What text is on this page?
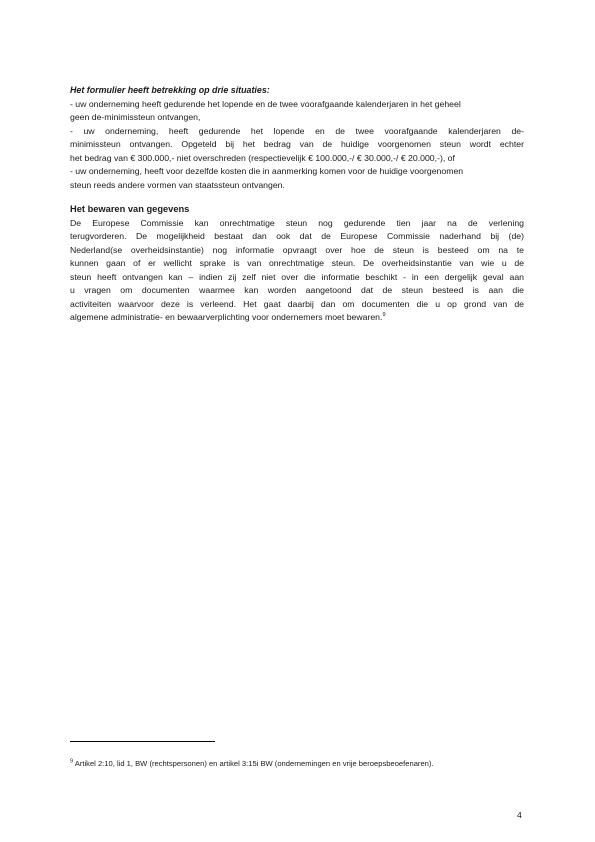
Het formulier heeft betrekking op drie situaties:

- uw onderneming heeft gedurende het lopende en de twee voorafgaande kalenderjaren in het geheel

geen de-minimissteun ontvangen,

- uw onderneming, heeft gedurende het lopende en de twee voorafgaande kalenderjaren de-

minimissteun ontvangen. Opgeteld bij het bedrag van de huidige voorgenomen steun wordt echter

het bedrag van € 300.000,- niet overschreden (respectievelijk € 100.000,-/ € 30.000,-/ € 20.000,-), of

- uw onderneming, heeft voor dezelfde kosten die in aanmerking komen voor de huidige voorgenomen

steun reeds andere vormen van staatssteun ontvangen.

Het bewaren van gegevens

De Europese Commissie kan onrechtmatige steun nog gedurende tien jaar na de verlening

terugvorderen. De mogelijkheid bestaat dan ook dat de Europese Commissie naderhand bij (de)

Nederland(se overheidsinstantie) nog informatie opvraagt over hoe de steun is besteed om na te

kunnen gaan of er wellicht sprake is van onrechtmatige steun. De overheidsinstantie van wie u de

steun heeft ontvangen kan – indien zij zelf niet over die informatie beschikt - in een dergelijk geval aan

u vragen om documenten waarmee kan worden aangetoond dat de steun besteed is aan die

activiteiten waarvoor deze is verleend. Het gaat daarbij dan om documenten die u op grond van de

algemene administratie- en bewaarverplichting voor ondernemers moet bewaren.$^9$

$^9$ Artikel 2:10, lid 1, BW (rechtspersonen) en artikel 3:15i BW (ondernemingen en vrije beroepsbeoefenaren).
4
